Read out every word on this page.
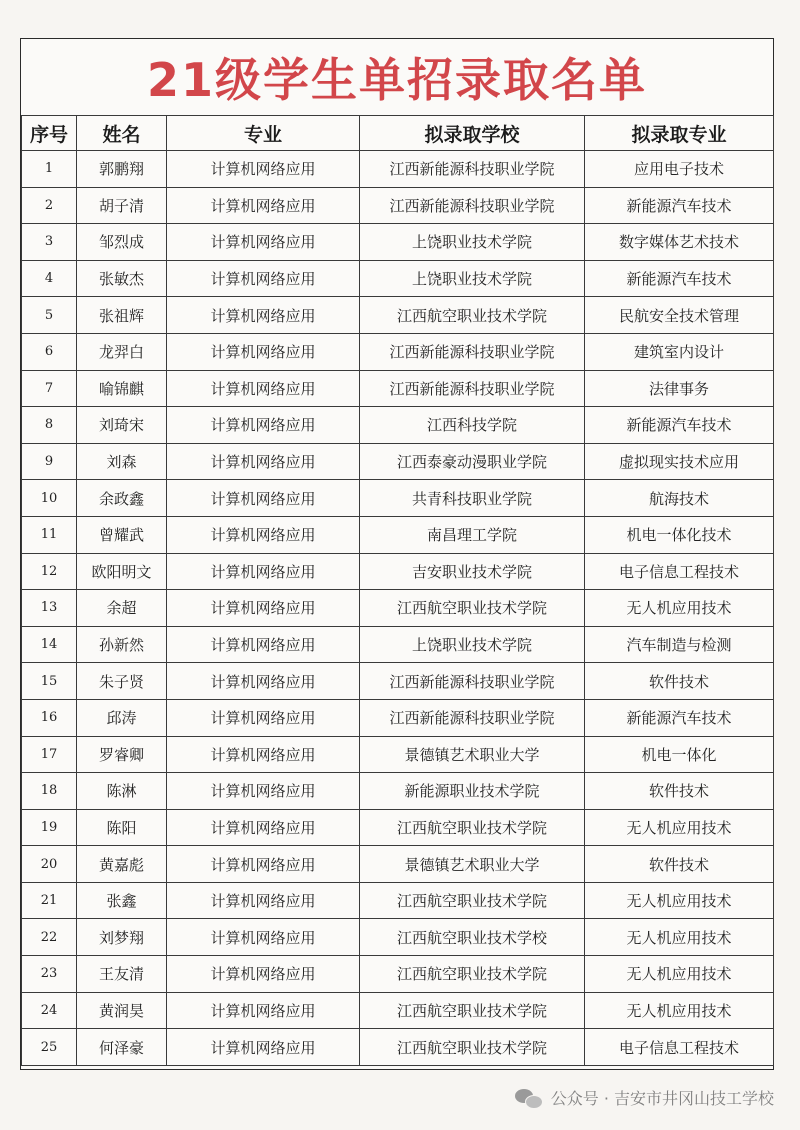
21级学生单招录取名单
序号	姓名	专业	拟录取学校	拟录取专业
1	郭鹏翔	计算机网络应用	江西新能源科技职业学院	应用电子技术
2	胡子清	计算机网络应用	江西新能源科技职业学院	新能源汽车技术
3	邹烈成	计算机网络应用	上饶职业技术学院	数字媒体艺术技术
4	张敏杰	计算机网络应用	上饶职业技术学院	新能源汽车技术
5	张祖辉	计算机网络应用	江西航空职业技术学院	民航安全技术管理
6	龙羿白	计算机网络应用	江西新能源科技职业学院	建筑室内设计
7	喻锦麒	计算机网络应用	江西新能源科技职业学院	法律事务
8	刘琦宋	计算机网络应用	江西科技学院	新能源汽车技术
9	刘森	计算机网络应用	江西泰豪动漫职业学院	虚拟现实技术应用
10	余政鑫	计算机网络应用	共青科技职业学院	航海技术
11	曾耀武	计算机网络应用	南昌理工学院	机电一体化技术
12	欧阳明文	计算机网络应用	吉安职业技术学院	电子信息工程技术
13	余超	计算机网络应用	江西航空职业技术学院	无人机应用技术
14	孙新然	计算机网络应用	上饶职业技术学院	汽车制造与检测
15	朱子贤	计算机网络应用	江西新能源科技职业学院	软件技术
16	邱涛	计算机网络应用	江西新能源科技职业学院	新能源汽车技术
17	罗睿卿	计算机网络应用	景德镇艺术职业大学	机电一体化
18	陈淋	计算机网络应用	新能源职业技术学院	软件技术
19	陈阳	计算机网络应用	江西航空职业技术学院	无人机应用技术
20	黄嘉彪	计算机网络应用	景德镇艺术职业大学	软件技术
21	张鑫	计算机网络应用	江西航空职业技术学院	无人机应用技术
22	刘梦翔	计算机网络应用	江西航空职业技术学校	无人机应用技术
23	王友清	计算机网络应用	江西航空职业技术学院	无人机应用技术
24	黄润昊	计算机网络应用	江西航空职业技术学院	无人机应用技术
25	何泽豪	计算机网络应用	江西航空职业技术学院	电子信息工程技术
公众号 · 吉安市井冈山技工学校
